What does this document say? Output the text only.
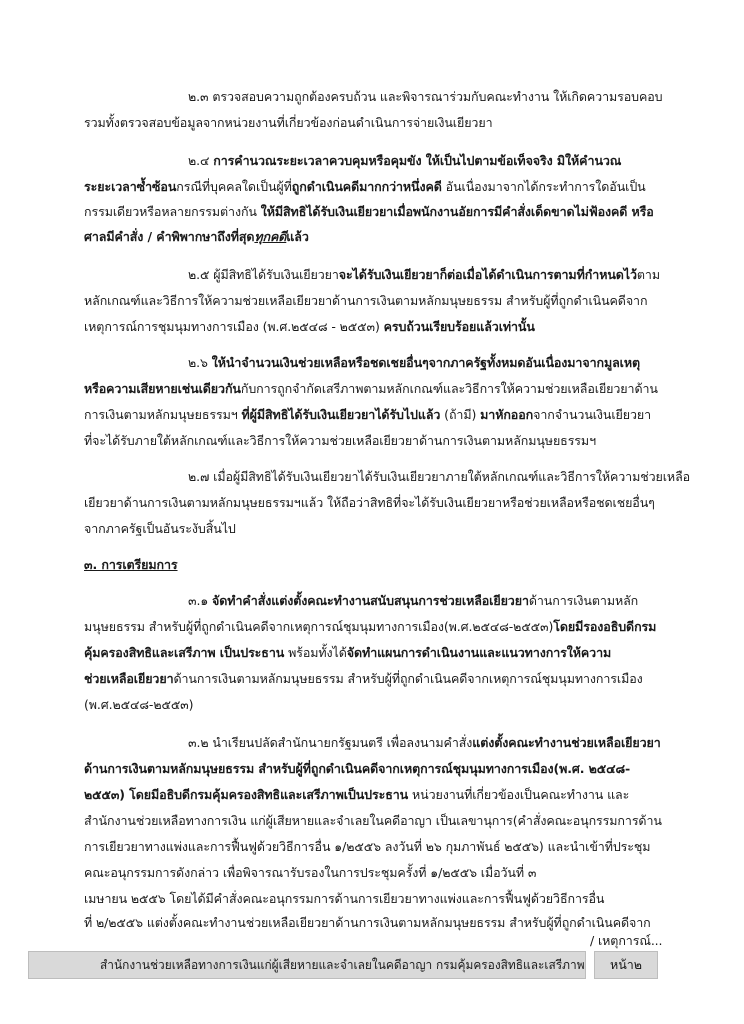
๒.๓ ตรวจสอบความถูกต้องครบถ้วน และพิจารณาร่วมกับคณะทำงาน ให้เกิดความรอบคอบ
รวมทั้งตรวจสอบข้อมูลจากหน่วยงานที่เกี่ยวข้องก่อนดำเนินการจ่ายเงินเยียวยา
๒.๔ การคำนวณระยะเวลาควบคุมหรือคุมขัง ให้เป็นไปตามข้อเท็จจริง มิให้คำนวณ
ระยะเวลาซ้ำซ้อนกรณีที่บุคคลใดเป็นผู้ที่ถูกดำเนินคดีมากกว่าหนึ่งคดี อันเนื่องมาจากได้กระทำการใดอันเป็น
กรรมเดียวหรือหลายกรรมต่างกัน ให้มีสิทธิได้รับเงินเยียวยาเมื่อพนักงานอัยการมีคำสั่งเด็ดขาดไม่ฟ้องคดี หรือ
ศาลมีคำสั่ง / คำพิพากษาถึงที่สุดทุกคดีแล้ว
๒.๕ ผู้มีสิทธิได้รับเงินเยียวยาจะได้รับเงินเยียวยาก็ต่อเมื่อได้ดำเนินการตามที่กำหนดไว้ตาม
หลักเกณฑ์และวิธีการให้ความช่วยเหลือเยียวยาด้านการเงินตามหลักมนุษยธรรม สำหรับผู้ที่ถูกดำเนินคดีจาก
เหตุการณ์การชุมนุมทางการเมือง (พ.ศ.๒๕๔๘ - ๒๕๕๓) ครบถ้วนเรียบร้อยแล้วเท่านั้น
๒.๖ ให้นำจำนวนเงินช่วยเหลือหรือชดเชยอื่นๆจากภาครัฐทั้งหมดอันเนื่องมาจากมูลเหตุ
หรือความเสียหายเช่นเดียวกันกับการถูกจำกัดเสรีภาพตามหลักเกณฑ์และวิธีการให้ความช่วยเหลือเยียวยาด้าน
การเงินตามหลักมนุษยธรรมฯ ที่ผู้มีสิทธิได้รับเงินเยียวยาได้รับไปแล้ว (ถ้ามี) มาหักออกจากจำนวนเงินเยียวยา
ที่จะได้รับภายใต้หลักเกณฑ์และวิธีการให้ความช่วยเหลือเยียวยาด้านการเงินตามหลักมนุษยธรรมฯ
๒.๗ เมื่อผู้มีสิทธิได้รับเงินเยียวยาได้รับเงินเยียวยาภายใต้หลักเกณฑ์และวิธีการให้ความช่วยเหลือ
เยียวยาด้านการเงินตามหลักมนุษยธรรมฯแล้ว ให้ถือว่าสิทธิที่จะได้รับเงินเยียวยาหรือช่วยเหลือหรือชดเชยอื่นๆ
จากภาครัฐเป็นอันระงับสิ้นไป
๓. การเตรียมการ
๓.๑ จัดทำคำสั่งแต่งตั้งคณะทำงานสนับสนุนการช่วยเหลือเยียวยาด้านการเงินตามหลัก
มนุษยธรรม สำหรับผู้ที่ถูกดำเนินคดีจากเหตุการณ์ชุมนุมทางการเมือง(พ.ศ.๒๕๔๘-๒๕๕๓)โดยมีรองอธิบดีกรม
คุ้มครองสิทธิและเสรีภาพ เป็นประธาน พร้อมทั้งได้จัดทำแผนการดำเนินงานและแนวทางการให้ความ
ช่วยเหลือเยียวยาด้านการเงินตามหลักมนุษยธรรม สำหรับผู้ที่ถูกดำเนินคดีจากเหตุการณ์ชุมนุมทางการเมือง
(พ.ศ.๒๕๔๘-๒๕๕๓)
๓.๒ นำเรียนปลัดสำนักนายกรัฐมนตรี เพื่อลงนามคำสั่งแต่งตั้งคณะทำงานช่วยเหลือเยียวยา
ด้านการเงินตามหลักมนุษยธรรม สำหรับผู้ที่ถูกดำเนินคดีจากเหตุการณ์ชุมนุมทางการเมือง(พ.ศ. ๒๕๔๘-
๒๕๕๓) โดยมีอธิบดีกรมคุ้มครองสิทธิและเสรีภาพเป็นประธาน หน่วยงานที่เกี่ยวข้องเป็นคณะทำงาน และ
สำนักงานช่วยเหลือทางการเงิน แก่ผู้เสียหายและจำเลยในคดีอาญา เป็นเลขานุการ(คำสั่งคณะอนุกรรมการด้าน
การเยียวยาทางแพ่งและการฟื้นฟูด้วยวิธีการอื่น ๑/๒๕๕๖ ลงวันที่ ๒๖ กุมภาพันธ์ ๒๕๕๖) และนำเข้าที่ประชุม
คณะอนุกรรมการดังกล่าว เพื่อพิจารณารับรองในการประชุมครั้งที่ ๑/๒๕๕๖ เมื่อวันที่ ๓
เมษายน ๒๕๕๖ โดยได้มีคำสั่งคณะอนุกรรมการด้านการเยียวยาทางแพ่งและการฟื้นฟูด้วยวิธีการอื่น
ที่ ๒/๒๕๕๖ แต่งตั้งคณะทำงานช่วยเหลือเยียวยาด้านการเงินตามหลักมนุษยธรรม สำหรับผู้ที่ถูกดำเนินคดีจาก
/ เหตุการณ์...
สำนักงานช่วยเหลือทางการเงินแก่ผู้เสียหายและจำเลยในคดีอาญา กรมคุ้มครองสิทธิและเสรีภาพ หน้า๒
